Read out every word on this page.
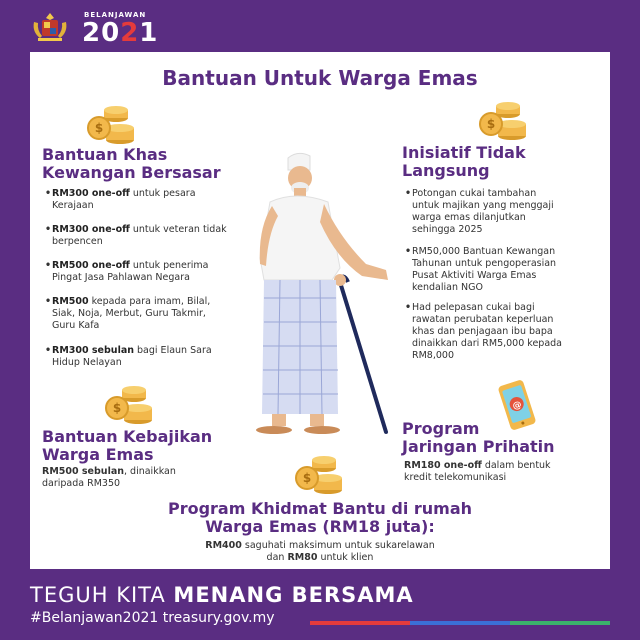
BELANJAWAN
2021
Bantuan Untuk Warga Emas
$
Bantuan Khas
Kewangan Bersasar
• RM300 one-off untuk pesara
Kerajaan
• RM300 one-off untuk veteran tidak
berpencen
• RM500 one-off untuk penerima
Pingat Jasa Pahlawan Negara
• RM500 kepada para imam, Bilal,
Siak, Noja, Merbut, Guru Takmir,
Guru Kafa
• RM300 sebulan bagi Elaun Sara
Hidup Nelayan
$
Bantuan Kebajikan
Warga Emas
RM500 sebulan, dinaikkan
daripada RM350
$
Inisiatif Tidak
Langsung
• Potongan cukai tambahan
untuk majikan yang menggaji
warga emas dilanjutkan
sehingga 2025
• RM50,000 Bantuan Kewangan
Tahunan untuk pengoperasian
Pusat Aktiviti Warga Emas
kendalian NGO
• Had pelepasan cukai bagi
rawatan perubatan keperluan
khas dan penjagaan ibu bapa
dinaikkan dari RM5,000 kepada
RM8,000
@
Program
Jaringan Prihatin
RM180 one-off dalam bentuk
kredit telekomunikasi
$
Program Khidmat Bantu di rumah
Warga Emas (RM18 juta):
RM400 saguhati maksimum untuk sukarelawan
dan RM80 untuk klien
TEGUH KITA MENANG BERSAMA
#Belanjawan2021 treasury.gov.my
